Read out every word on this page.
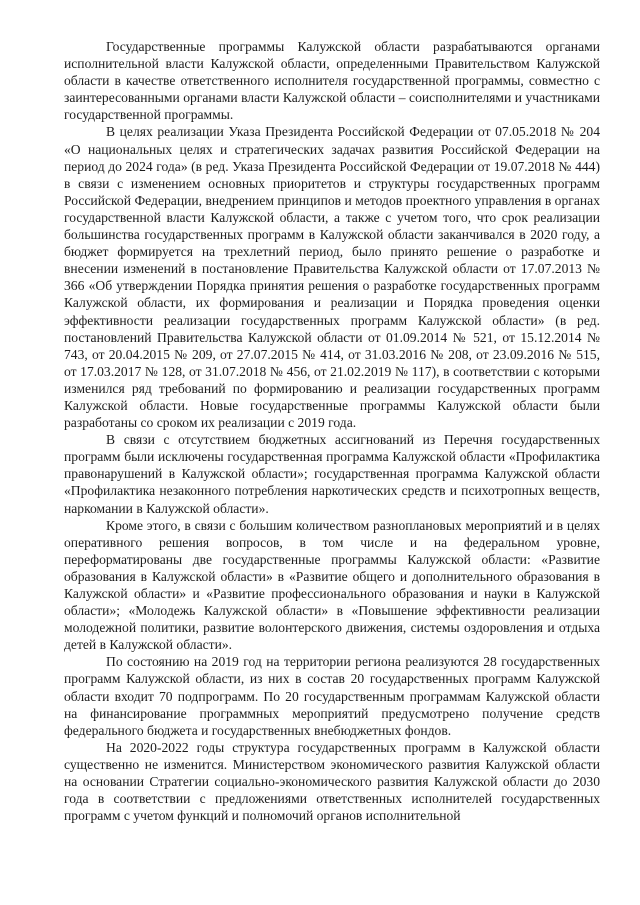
Государственные программы Калужской области разрабатываются органами исполнительной власти Калужской области, определенными Правительством Калужской области в качестве ответственного исполнителя государственной программы, совместно с заинтересованными органами власти Калужской области – соисполнителями и участниками государственной программы.

В целях реализации Указа Президента Российской Федерации от 07.05.2018 № 204 «О национальных целях и стратегических задачах развития Российской Федерации на период до 2024 года» (в ред. Указа Президента Российской Федерации от 19.07.2018 № 444) в связи с изменением основных приоритетов и структуры государственных программ Российской Федерации, внедрением принципов и методов проектного управления в органах государственной власти Калужской области, а также с учетом того, что срок реализации большинства государственных программ в Калужской области заканчивался в 2020 году, а бюджет формируется на трехлетний период, было принято решение о разработке и внесении изменений в постановление Правительства Калужской области от 17.07.2013 № 366 «Об утверждении Порядка принятия решения о разработке государственных программ Калужской области, их формирования и реализации и Порядка проведения оценки эффективности реализации государственных программ Калужской области» (в ред. постановлений Правительства Калужской области от 01.09.2014 № 521, от 15.12.2014 № 743, от 20.04.2015 № 209, от 27.07.2015 № 414, от 31.03.2016 № 208, от 23.09.2016 № 515, от 17.03.2017 № 128, от 31.07.2018 № 456, от 21.02.2019 № 117), в соответствии с которыми изменился ряд требований по формированию и реализации государственных программ Калужской области. Новые государственные программы Калужской области были разработаны со сроком их реализации с 2019 года.

В связи с отсутствием бюджетных ассигнований из Перечня государственных программ были исключены государственная программа Калужской области «Профилактика правонарушений в Калужской области»; государственная программа Калужской области «Профилактика незаконного потребления наркотических средств и психотропных веществ, наркомании в Калужской области».

Кроме этого, в связи с большим количеством разноплановых мероприятий и в целях оперативного решения вопросов, в том числе и на федеральном уровне, переформатированы две государственные программы Калужской области: «Развитие образования в Калужской области» в «Развитие общего и дополнительного образования в Калужской области» и «Развитие профессионального образования и науки в Калужской области»; «Молодежь Калужской области» в «Повышение эффективности реализации молодежной политики, развитие волонтерского движения, системы оздоровления и отдыха детей в Калужской области».

По состоянию на 2019 год на территории региона реализуются 28 государственных программ Калужской области, из них в состав 20 государственных программ Калужской области входит 70 подпрограмм. По 20 государственным программам Калужской области на финансирование программных мероприятий предусмотрено получение средств федерального бюджета и государственных внебюджетных фондов.

На 2020-2022 годы структура государственных программ в Калужской области существенно не изменится. Министерством экономического развития Калужской области на основании Стратегии социально-экономического развития Калужской области до 2030 года в соответствии с предложениями ответственных исполнителей государственных программ с учетом функций и полномочий органов исполнительной
